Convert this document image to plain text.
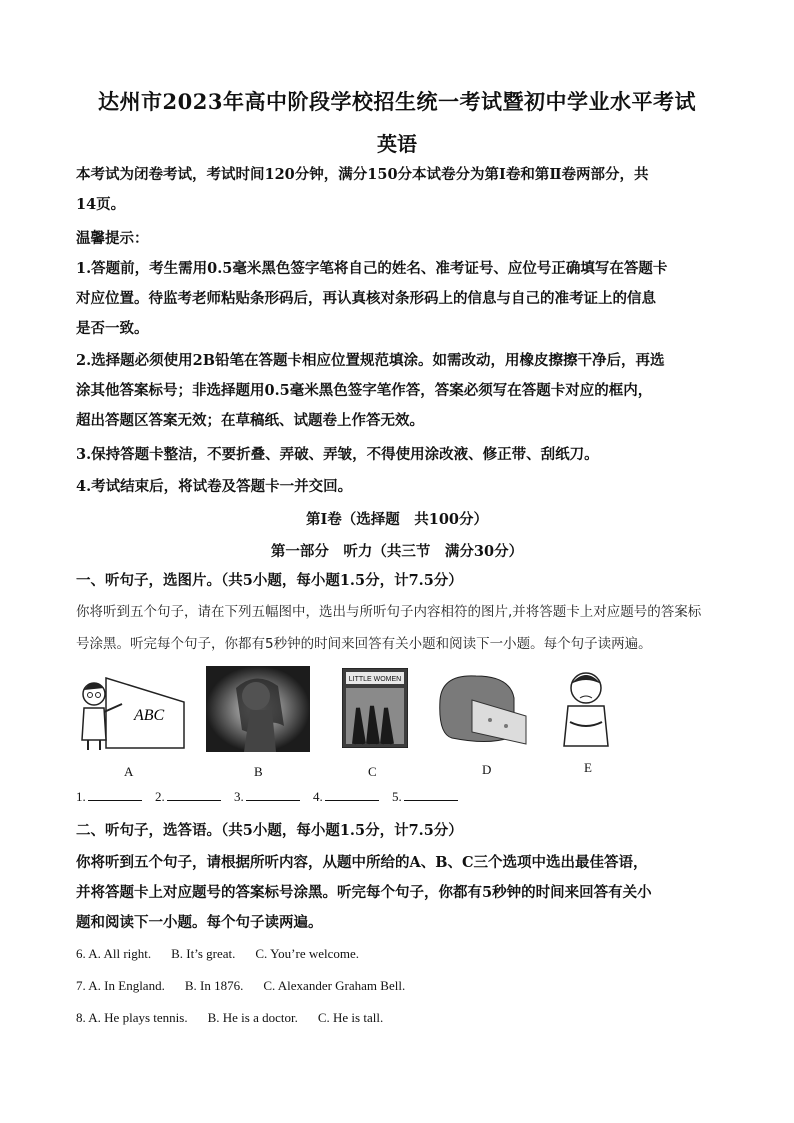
达州市2023年高中阶段学校招生统一考试暨初中学业水平考试
英语
本考试为闭卷考试，考试时间120分钟，满分150分本试卷分为第Ⅰ卷和第Ⅱ卷两部分，共
14页。
温馨提示：
1.答题前，考生需用0.5毫米黑色签字笔将自己的姓名、准考证号、应位号正确填写在答题卡
对应位置。待监考老师粘贴条形码后，再认真核对条形码上的信息与自己的准考证上的信息
是否一致。
2.选择题必须使用2B铅笔在答题卡相应位置规范填涂。如需改动，用橡皮擦擦干净后，再选
涂其他答案标号；非选择题用0.5毫米黑色签字笔作答，答案必须写在答题卡对应的框内，
超出答题区答案无效；在草稿纸、试题卷上作答无效。
3.保持答题卡整洁，不要折叠、弄破、弄皱，不得使用涂改液、修正带、刮纸刀。
4.考试结束后，将试卷及答题卡一并交回。
第Ⅰ卷（选择题　共100分）
第一部分　听力（共三节　满分30分）
一、听句子，选图片。（共5小题，每小题1.5分，计7.5分）
你将听到五个句子，请在下列五幅图中，选出与所听句子内容相符的图片,并将答题卡上对应题号的答案标
号涂黑。听完每个句子，你都有5秒钟的时间来回答有关小题和阅读下一小题。每个句子读两遍。
ABC
LITTLE WOMEN
A	B	C	D	E
1.	2.	3.	4.	5.
二、听句子，选答语。（共5小题，每小题1.5分，计7.5分）
你将听到五个句子，请根据所听内容，从题中所给的A、B、C三个选项中选出最佳答语，
并将答题卡上对应题号的答案标号涂黑。听完每个句子，你都有5秒钟的时间来回答有关小
题和阅读下一小题。每个句子读两遍。
6. A. All right. B. It’s great. C. You’re welcome.
7. A. In England. B. In 1876. C. Alexander Graham Bell.
8. A. He plays tennis. B. He is a doctor. C. He is tall.
